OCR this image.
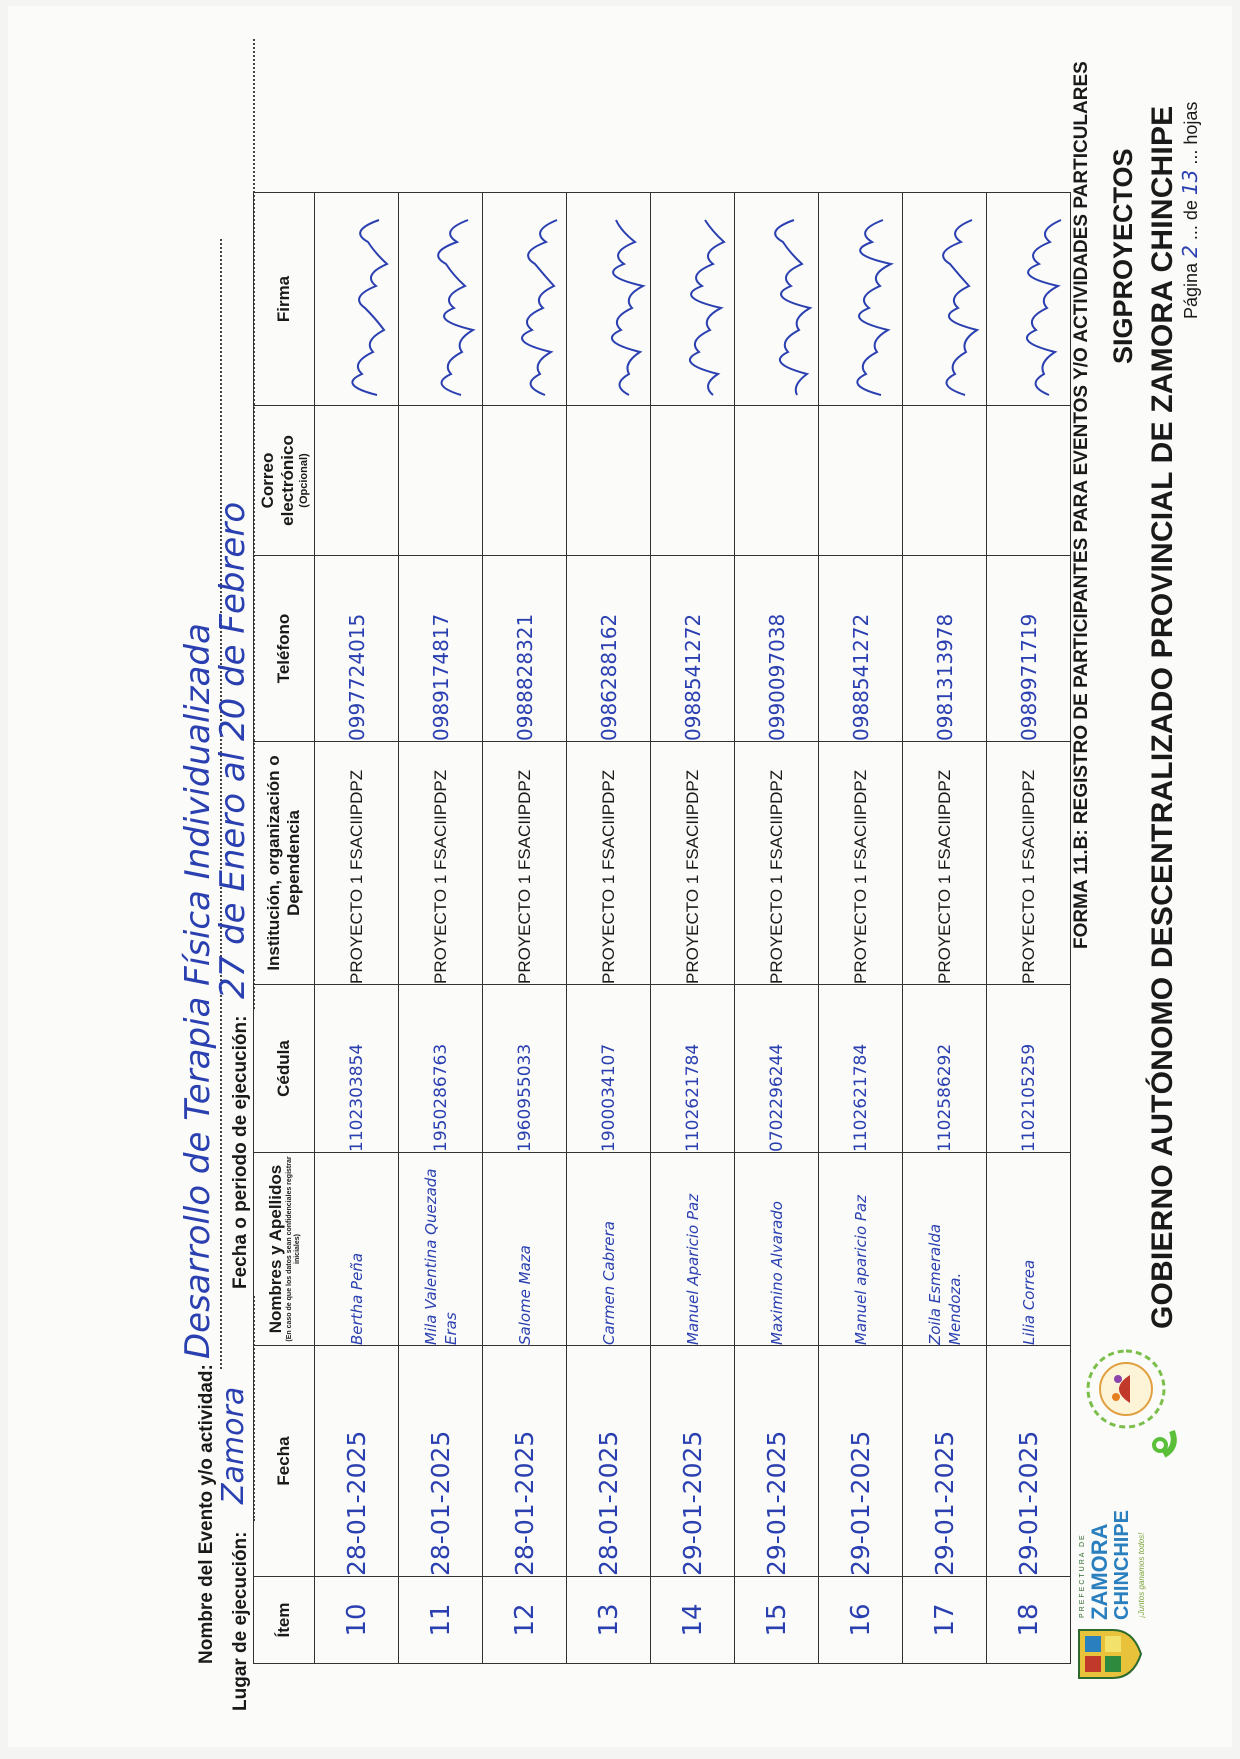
PREFECTURA DE ZAMORA CHINCHIPE ¡Juntos ganamos todos!
GOBIERNO AUTÓNOMO DESCENTRALIZADO PROVINCIAL DE ZAMORA CHINCHIPE
SIGPROYECTOS
FORMA 11.B: REGISTRO DE PARTICIPANTES PARA EVENTOS Y/O ACTIVIDADES PARTICULARES
Nombre del Evento y/o actividad:
Desarrollo de Terapia Física Individualizada
Lugar de ejecución:
Zamora
Fecha o periodo de ejecución:
27 de Enero al 20 de Febrero
Ítem	Fecha	Nombres y Apellidos (En caso de que los datos sean confidenciales registrar iniciales)	Cédula	Institución, organización o Dependencia	Teléfono	Correo electrónico (Opcional)	Firma
10	28-01-2025	Bertha Peña	1102303854	PROYECTO 1 FSACIIPDPZ	0997724015		

11	28-01-2025	Mila Valentina Quezada Eras	1950286763	PROYECTO 1 FSACIIPDPZ	0989174817		

12	28-01-2025	Salome Maza	1960955033	PROYECTO 1 FSACIIPDPZ	0988828321		

13	28-01-2025	Carmen Cabrera	1900034107	PROYECTO 1 FSACIIPDPZ	0986288162		

14	29-01-2025	Manuel Aparicio Paz	1102621784	PROYECTO 1 FSACIIPDPZ	0988541272		

15	29-01-2025	Maximino Alvarado	0702296244	PROYECTO 1 FSACIIPDPZ	0990097038		

16	29-01-2025	Manuel aparicio Paz	1102621784	PROYECTO 1 FSACIIPDPZ	0988541272		

17	29-01-2025	Zoila Esmeralda Mendoza.	1102586292	PROYECTO 1 FSACIIPDPZ	0981313978		

18	29-01-2025	Lilia Correa	1102105259	PROYECTO 1 FSACIIPDPZ	0989971719		
Página 2 ... de 13 ... hojas
